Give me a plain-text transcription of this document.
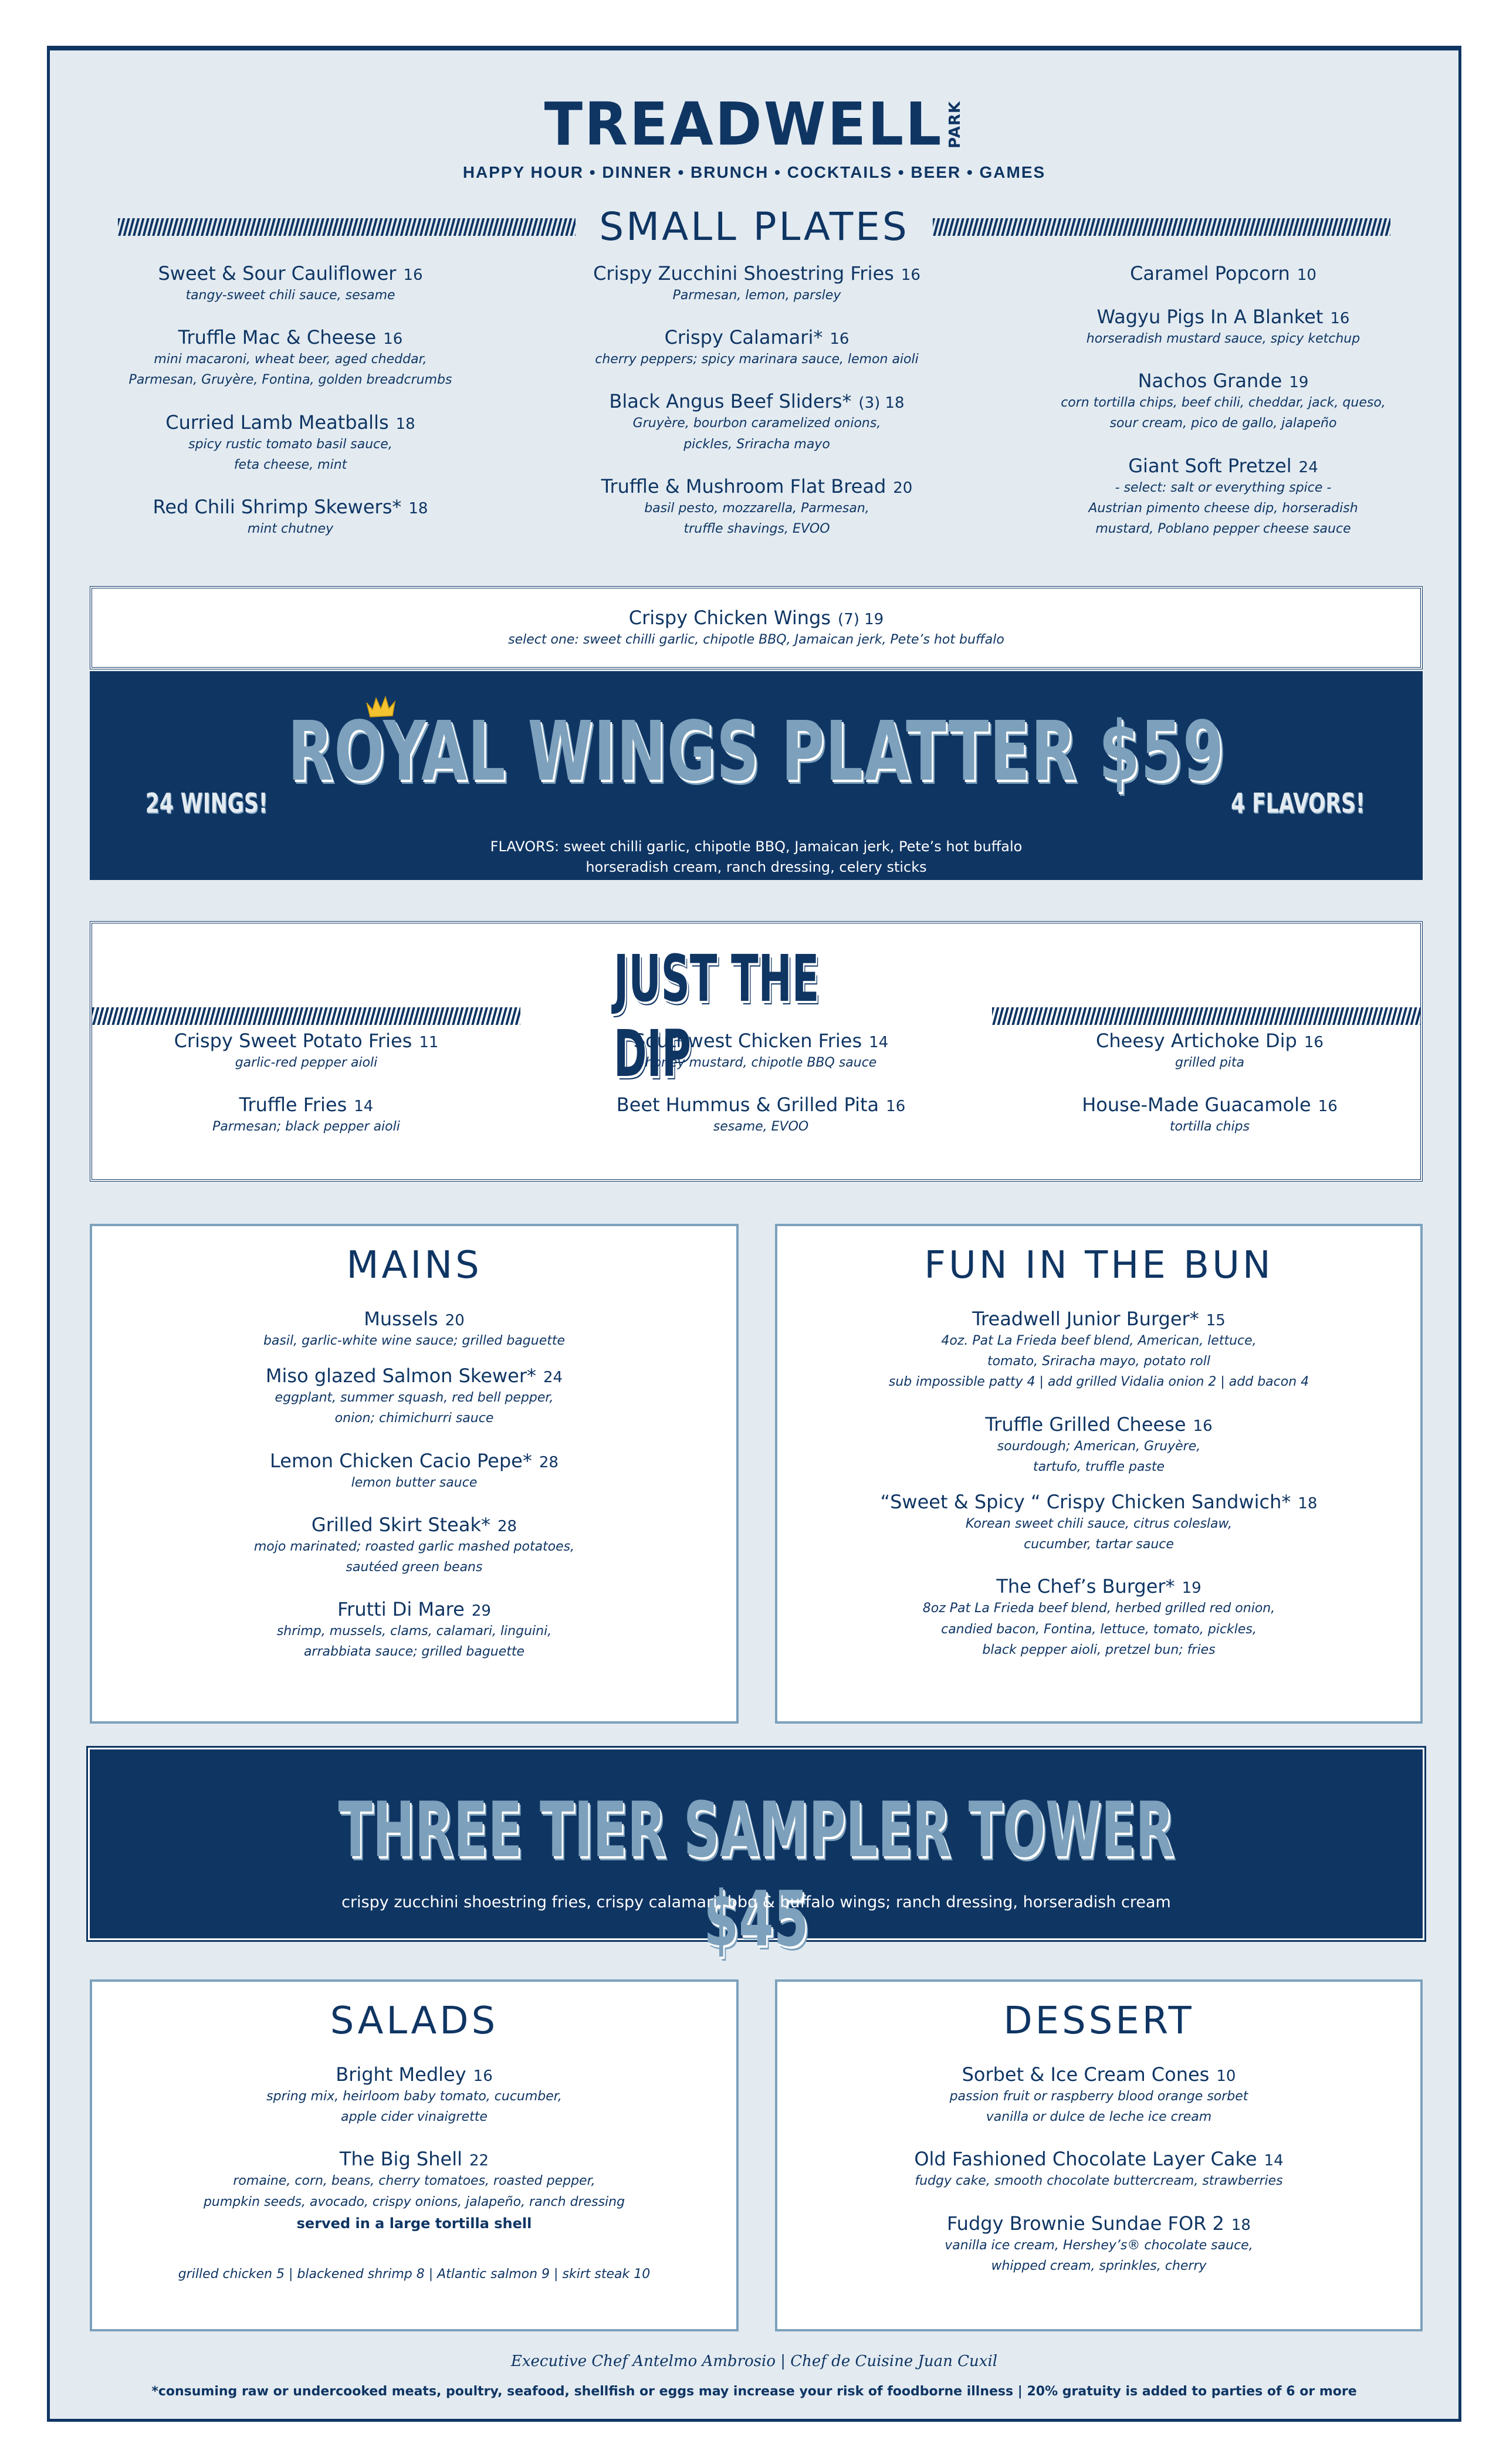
TREADWELL PARK
HAPPY HOUR • DINNER • BRUNCH • COCKTAILS • BEER • GAMES
SMALL PLATES
Sweet & Sour Cauliflower 16
tangy-sweet chili sauce, sesame
Truffle Mac & Cheese 16
mini macaroni, wheat beer, aged cheddar,
Parmesan, Gruyère, Fontina, golden breadcrumbs
Curried Lamb Meatballs 18
spicy rustic tomato basil sauce,
feta cheese, mint
Red Chili Shrimp Skewers* 18
mint chutney
Crispy Zucchini Shoestring Fries 16
Parmesan, lemon, parsley
Crispy Calamari* 16
cherry peppers; spicy marinara sauce, lemon aioli
Black Angus Beef Sliders* (3) 18
Gruyère, bourbon caramelized onions,
pickles, Sriracha mayo
Truffle & Mushroom Flat Bread 20
basil pesto, mozzarella, Parmesan,
truffle shavings, EVOO
Caramel Popcorn 10
Wagyu Pigs In A Blanket 16
horseradish mustard sauce, spicy ketchup
Nachos Grande 19
corn tortilla chips, beef chili, cheddar, jack, queso,
sour cream, pico de gallo, jalapeño
Giant Soft Pretzel 24
- select: salt or everything spice -
Austrian pimento cheese dip, horseradish
mustard, Poblano pepper cheese sauce
Crispy Chicken Wings (7) 19
select one: sweet chilli garlic, chipotle BBQ, Jamaican jerk, Pete’s hot buffalo
24 WINGS!
ROYAL WINGS PLATTER $59
4 FLAVORS!
FLAVORS: sweet chilli garlic, chipotle BBQ, Jamaican jerk, Pete’s hot buffalo
horseradish cream, ranch dressing, celery sticks
JUST THE DIP
Crispy Sweet Potato Fries 11
garlic-red pepper aioli
Truffle Fries 14
Parmesan; black pepper aioli
Southwest Chicken Fries 14
honey mustard, chipotle BBQ sauce
Beet Hummus & Grilled Pita 16
sesame, EVOO
Cheesy Artichoke Dip 16
grilled pita
House-Made Guacamole 16
tortilla chips
MAINS
Mussels 20
basil, garlic-white wine sauce; grilled baguette
Miso glazed Salmon Skewer* 24
eggplant, summer squash, red bell pepper,
onion; chimichurri sauce
Lemon Chicken Cacio Pepe* 28
lemon butter sauce
Grilled Skirt Steak* 28
mojo marinated; roasted garlic mashed potatoes,
sautéed green beans
Frutti Di Mare 29
shrimp, mussels, clams, calamari, linguini,
arrabbiata sauce; grilled baguette
FUN IN THE BUN
Treadwell Junior Burger* 15
4oz. Pat La Frieda beef blend, American, lettuce,
tomato, Sriracha mayo, potato roll
sub impossible patty 4 | add grilled Vidalia onion 2 | add bacon 4
Truffle Grilled Cheese 16
sourdough; American, Gruyère,
tartufo, truffle paste
“Sweet & Spicy “ Crispy Chicken Sandwich* 18
Korean sweet chili sauce, citrus coleslaw,
cucumber, tartar sauce
The Chef’s Burger* 19
8oz Pat La Frieda beef blend, herbed grilled red onion,
candied bacon, Fontina, lettuce, tomato, pickles,
black pepper aioli, pretzel bun; fries
THREE TIER SAMPLER TOWER $45
crispy zucchini shoestring fries, crispy calamari, bbq & buffalo wings; ranch dressing, horseradish cream
SALADS
Bright Medley 16
spring mix, heirloom baby tomato, cucumber,
apple cider vinaigrette
The Big Shell 22
romaine, corn, beans, cherry tomatoes, roasted pepper,
pumpkin seeds, avocado, crispy onions, jalapeño, ranch dressing
served in a large tortilla shell
grilled chicken 5 | blackened shrimp 8 | Atlantic salmon 9 | skirt steak 10
DESSERT
Sorbet & Ice Cream Cones 10
passion fruit or raspberry blood orange sorbet
vanilla or dulce de leche ice cream
Old Fashioned Chocolate Layer Cake 14
fudgy cake, smooth chocolate buttercream, strawberries
Fudgy Brownie Sundae FOR 2 18
vanilla ice cream, Hershey’s® chocolate sauce,
whipped cream, sprinkles, cherry
Executive Chef Antelmo Ambrosio | Chef de Cuisine Juan Cuxil
*consuming raw or undercooked meats, poultry, seafood, shellfish or eggs may increase your risk of foodborne illness | 20% gratuity is added to parties of 6 or more
